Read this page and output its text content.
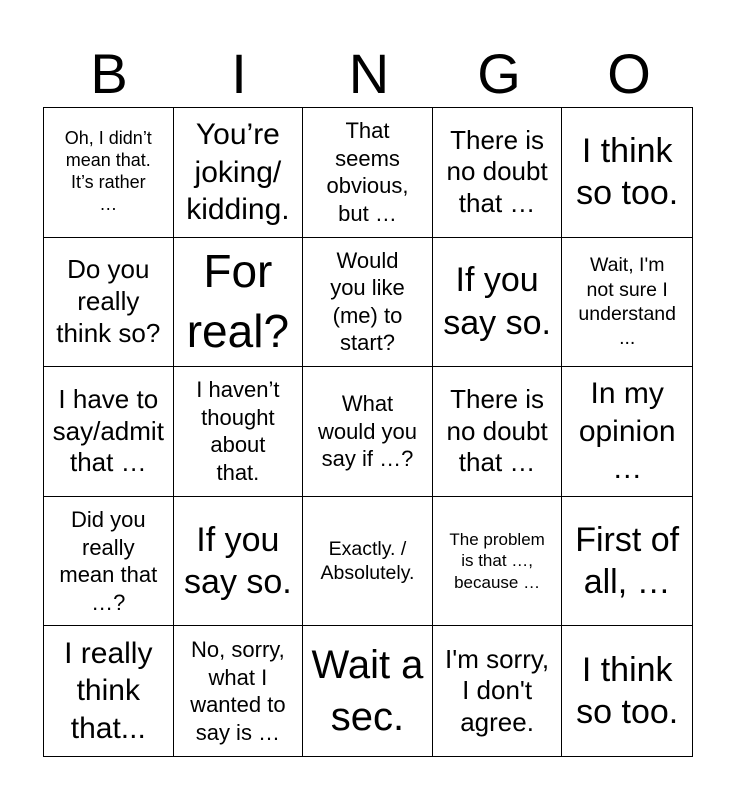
B	I	N	G	O
Oh, I didn’t
mean that.
It’s rather
…
You’re
joking/
kidding.
That
seems
obvious,
but …
There is
no doubt
that …
I think
so too.
Do you
really
think so?
For
real?
Would
you like
(me) to
start?
If you
say so.
Wait, I'm
not sure I
understand
...
I have to
say/admit
that …
I haven’t
thought
about
that.
What
would you
say if …?
There is
no doubt
that …
In my
opinion
…
Did you
really
mean that
…?
If you
say so.
Exactly. /
Absolutely.
The problem
is that …,
because …
First of
all, …
I really
think
that...
No, sorry,
what I
wanted to
say is …
Wait a
sec.
I'm sorry,
I don't
agree.
I think
so too.
